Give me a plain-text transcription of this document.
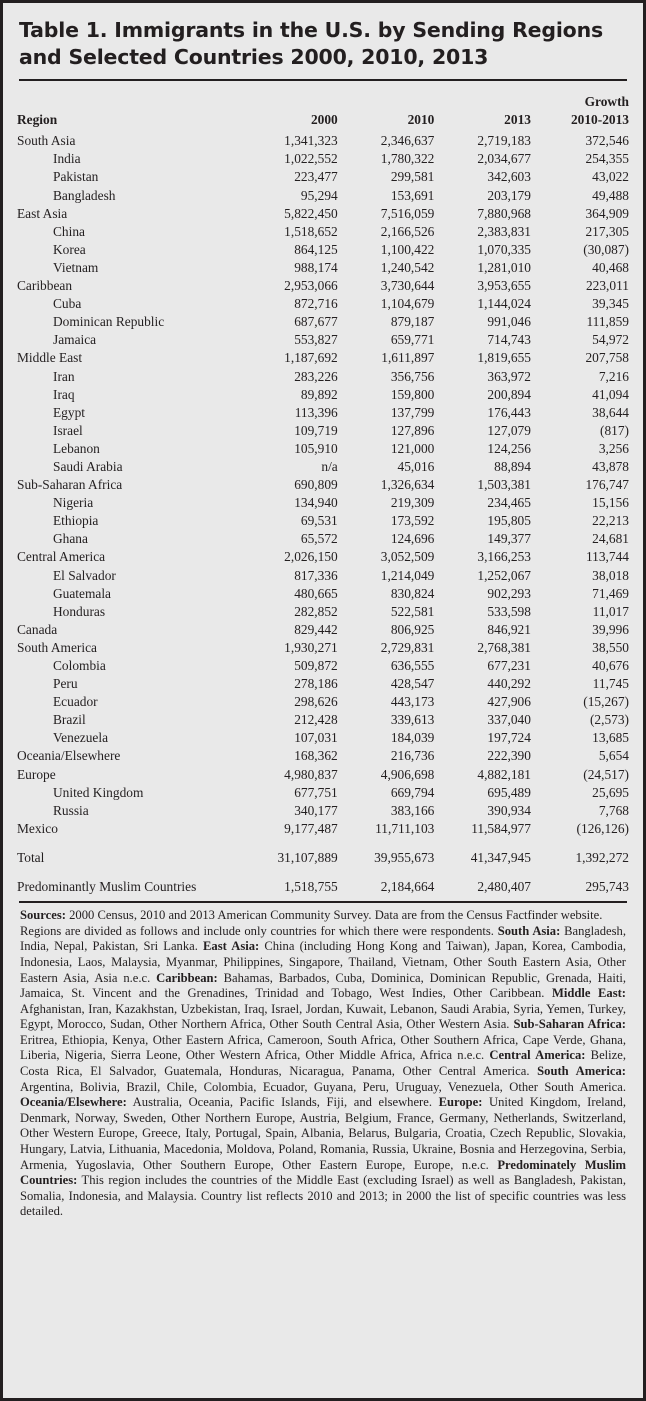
Table 1. Immigrants in the U.S. by Sending Regions and Selected Countries 2000, 2010, 2013

Region	2000	2010	2013	Growth
2010-2013
South Asia	1,341,323	2,346,637	2,719,183	372,546
India	1,022,552	1,780,322	2,034,677	254,355
Pakistan	223,477	299,581	342,603	43,022
Bangladesh	95,294	153,691	203,179	49,488
East Asia	5,822,450	7,516,059	7,880,968	364,909
China	1,518,652	2,166,526	2,383,831	217,305
Korea	864,125	1,100,422	1,070,335	(30,087)
Vietnam	988,174	1,240,542	1,281,010	40,468
Caribbean	2,953,066	3,730,644	3,953,655	223,011
Cuba	872,716	1,104,679	1,144,024	39,345
Dominican Republic	687,677	879,187	991,046	111,859
Jamaica	553,827	659,771	714,743	54,972
Middle East	1,187,692	1,611,897	1,819,655	207,758
Iran	283,226	356,756	363,972	7,216
Iraq	89,892	159,800	200,894	41,094
Egypt	113,396	137,799	176,443	38,644
Israel	109,719	127,896	127,079	(817)
Lebanon	105,910	121,000	124,256	3,256
Saudi Arabia	n/a	45,016	88,894	43,878
Sub-Saharan Africa	690,809	1,326,634	1,503,381	176,747
Nigeria	134,940	219,309	234,465	15,156
Ethiopia	69,531	173,592	195,805	22,213
Ghana	65,572	124,696	149,377	24,681
Central America	2,026,150	3,052,509	3,166,253	113,744
El Salvador	817,336	1,214,049	1,252,067	38,018
Guatemala	480,665	830,824	902,293	71,469
Honduras	282,852	522,581	533,598	11,017
Canada	829,442	806,925	846,921	39,996
South America	1,930,271	2,729,831	2,768,381	38,550
Colombia	509,872	636,555	677,231	40,676
Peru	278,186	428,547	440,292	11,745
Ecuador	298,626	443,173	427,906	(15,267)
Brazil	212,428	339,613	337,040	(2,573)
Venezuela	107,031	184,039	197,724	13,685
Oceania/Elsewhere	168,362	216,736	222,390	5,654
Europe	4,980,837	4,906,698	4,882,181	(24,517)
United Kingdom	677,751	669,794	695,489	25,695
Russia	340,177	383,166	390,934	7,768
Mexico	9,177,487	11,711,103	11,584,977	(126,126)

Total	31,107,889	39,955,673	41,347,945	1,392,272

Predominantly Muslim Countries	1,518,755	2,184,664	2,480,407	295,743

Sources: 2000 Census, 2010 and 2013 American Community Survey. Data are from the Census Factfinder website.

Regions are divided as follows and include only countries for which there were respondents. South Asia: Bangladesh, India, Nepal, Pakistan, Sri Lanka. East Asia: China (including Hong Kong and Taiwan), Japan, Korea, Cambodia, Indonesia, Laos, Malaysia, Myanmar, Philippines, Singapore, Thailand, Vietnam, Other South Eastern Asia, Other Eastern Asia, Asia n.e.c. Caribbean: Bahamas, Barbados, Cuba, Dominica, Dominican Republic, Grenada, Haiti, Jamaica, St. Vincent and the Grenadines, Trinidad and Tobago, West Indies, Other Caribbean. Middle East: Afghanistan, Iran, Kazakhstan, Uzbekistan, Iraq, Israel, Jordan, Kuwait, Lebanon, Saudi Arabia, Syria, Yemen, Turkey, Egypt, Morocco, Sudan, Other Northern Africa, Other South Central Asia, Other Western Asia. Sub-Saharan Africa: Eritrea, Ethiopia, Kenya, Other Eastern Africa, Cameroon, South Africa, Other Southern Africa, Cape Verde, Ghana, Liberia, Nigeria, Sierra Leone, Other Western Africa, Other Middle Africa, Africa n.e.c. Central America: Belize, Costa Rica, El Salvador, Guatemala, Honduras, Nicaragua, Panama, Other Central America. South America: Argentina, Bolivia, Brazil, Chile, Colombia, Ecuador, Guyana, Peru, Uruguay, Venezuela, Other South America. Oceania/Elsewhere: Australia, Oceania, Pacific Islands, Fiji, and elsewhere. Europe: United Kingdom, Ireland, Denmark, Norway, Sweden, Other Northern Europe, Austria, Belgium, France, Germany, Netherlands, Switzerland, Other Western Europe, Greece, Italy, Portugal, Spain, Albania, Belarus, Bulgaria, Croatia, Czech Republic, Slovakia, Hungary, Latvia, Lithuania, Macedonia, Moldova, Poland, Romania, Russia, Ukraine, Bosnia and Herzegovina, Serbia, Armenia, Yugoslavia, Other Southern Europe, Other Eastern Europe, Europe, n.e.c. Predominately Muslim Countries: This region includes the countries of the Middle East (excluding Israel) as well as Bangladesh, Pakistan, Somalia, Indonesia, and Malaysia. Country list reflects 2010 and 2013; in 2000 the list of specific countries was less detailed.
